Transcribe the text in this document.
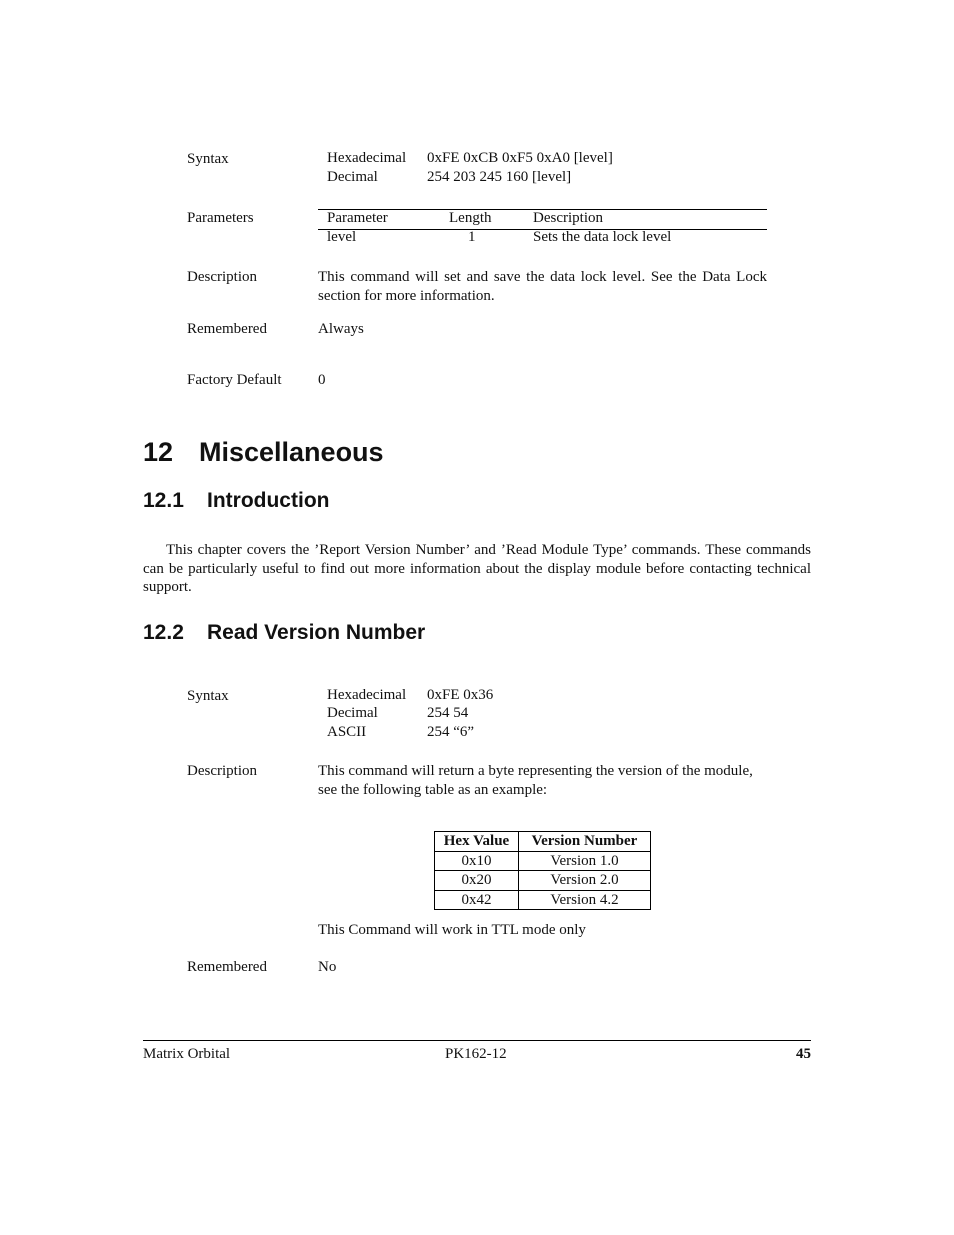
Syntax	Hexadecimal 0xFE 0xCB 0xF5 0xA0 [level]
Decimal	254 203 245 160 [level]
Parameters	Parameter	Length	Description
level	1	Sets the data lock level
Description	This command will set and save the data lock level. See the Data Lock section for more information.
Remembered	Always
Factory Default 0
12 Miscellaneous
12.1 Introduction
This chapter covers the ’Report Version Number’ and ’Read Module Type’ commands. These commands can be particularly useful to find out more information about the display module before contacting technical support.
12.2 Read Version Number
Syntax	Hexadecimal 0xFE 0x36
Decimal	254 54
ASCII	254 “6”
Description	This command will return a byte representing the version of the module, see the following table as an example:
Hex Value	Version Number
0x10	Version 1.0
0x20	Version 2.0
0x42	Version 4.2
This Command will work in TTL mode only
Remembered	No
Matrix Orbital	PK162-12	45
